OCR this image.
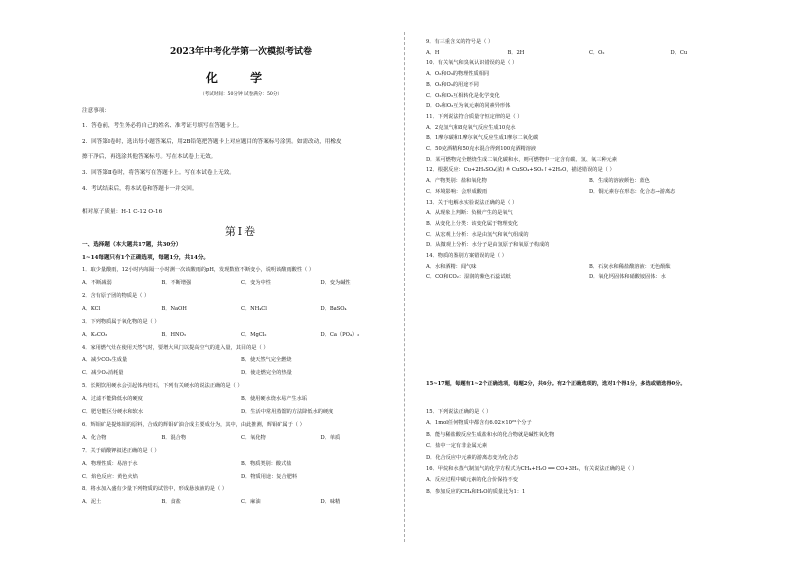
2023年中考化学第一次模拟考试卷
化 学
（考试时间：50分钟 试卷满分：50分）
注意事项：
1．答卷前，考生务必将自己的姓名、准考证号填写在答题卡上。
2．回答第Ⅰ卷时，选出每小题答案后，用2B铅笔把答题卡上对应题目的答案标号涂黑。如需改动，用橡皮
擦干净后，再选涂其他答案标号。写在本试卷上无效。
3．回答第Ⅱ卷时，将答案写在答题卡上。写在本试卷上无效。
4．考试结束后，将本试卷和答题卡一并交回。
相对原子质量：H-1 C-12 O-16
第Ⅰ卷
一、选择题（本大题共17题，共30分）
1~14每题只有1个正确选项，每题1分，共14分。
1．取少量酸雨，12小时内每隔一小时测一次该酸雨的pH，发现数值不断变小，说明该酸雨酸性（ ）
A．不断减弱	B．不断增强	C．变为中性	D．变为碱性
2．含有原子团的物质是（ ）
A．KCl	B．NaOH	C．NH₄Cl	D．BaSO₄
3．下列物质属于氧化物的是（ ）
A．K₂CO₃	B．HNO₃	C．MgCl₂	D．Ca（PO₄）₂
4．家用燃气灶在使用天然气时，要增大风门以提高空气的进入量，其目的是（ ）
A．减少CO₂生成量	B．使天然气完全燃烧
C．减少O₂消耗量	D．使走燃完全的热量
5．长期饮用硬水会引起体内结石，下列有关硬水的说法正确的是（ ）
A．过滤不能降低水的硬度	B．使用硬水烧水易产生水垢
C．肥皂能区分硬水和软水	D．生活中常用蒸馏的方法降低水的硬度
6．辉钼矿是提炼钼的原料，合成的辉钼矿油合成主要成分为，其中，由此推测，辉钼矿属于（ ）
A．化合物	B．混合物	C．氧化物	D．单质
7．关于硝酸钾叙述正确的是（ ）
A．物理性质：易溶于水	B．物质类别：酸式盐
C．焰色反应：黄色火焰	D．物质用途：复合肥料
8．将水加入盛有少量下列物质的试管中，形成悬浊液的是（ ）
A．泥土	B．食盐	C．麻油	D．味精
9．有三重含义的符号是（ ）
A．H	B．2H	C．O₂	D．Cu
10．有关氧气和臭氧认识错误的是（ ）
A．O₂和O₃的物理性质相同
B．O₂和O₃的用途不同
C．O₂和O₃互相转化是化学变化
D．O₂和O₃互为氧元素的同素异形体
11．下列说法符合质量守恒定律的是（ ）
A．2克氢气和8克氧气反应生成10克水
B．1摩尔碳和1摩尔氧气反应生成1摩尔二氧化碳
C．50克酒精和50克水混合得到100克酒精溶液
D．某可燃物完全燃烧生成二氧化碳和水，则可燃物中一定含有碳、氢、氧三种元素
12．根据反应：Cu+2H₂SO₄(浓) ≜ CuSO₄+SO₂↑+2H₂O，描述错误的是（ ）
A．产物类别：盐和氧化物	B．生成的溶液颜色：蓝色
C．环境影响：会形成酸雨	D．铜元素存在形态：化合态→游离态
13．关于电解水实验说法正确的是（ ）
A．从现象上判断：负极产生的是氧气
B．从变化上分类：该变化属于物理变化
C．从宏观上分析：水是由氢气和氧气组成的
D．从微观上分析：水分子是由氢原子和氧原子构成的
14．物质的鉴别方案错误的是（ ）
A．水和酒精：闻气味	B．石灰水和稀盐酸溶液：无色酚酞
C．CO和CO₂：湿润的紫色石蕊试纸	D．氧化钙固体和硝酸铵固体：水
15~17题，每题有1~2个正确选项，每题2分，共6分。有2个正确选项的，选对1个得1分，多选或错选得0分。
15．下列说法正确的是（ ）
A．1mol任何物质中都含有6.02×10²³个分子
B．能与稀盐酸反应生成盐和水的化合物就是碱性氧化物
C．盐中一定有非金属元素
D．化合反应中元素的游离态变为化合态
16．甲烷和水蒸气制氢气的化学方程式为CH₄+H₂O ══ CO+3H₂，有关说法正确的是（ ）
A．反应过程中碳元素的化合价保持不变
B．参加反应的CH₄和H₂O的质量比为1：1
